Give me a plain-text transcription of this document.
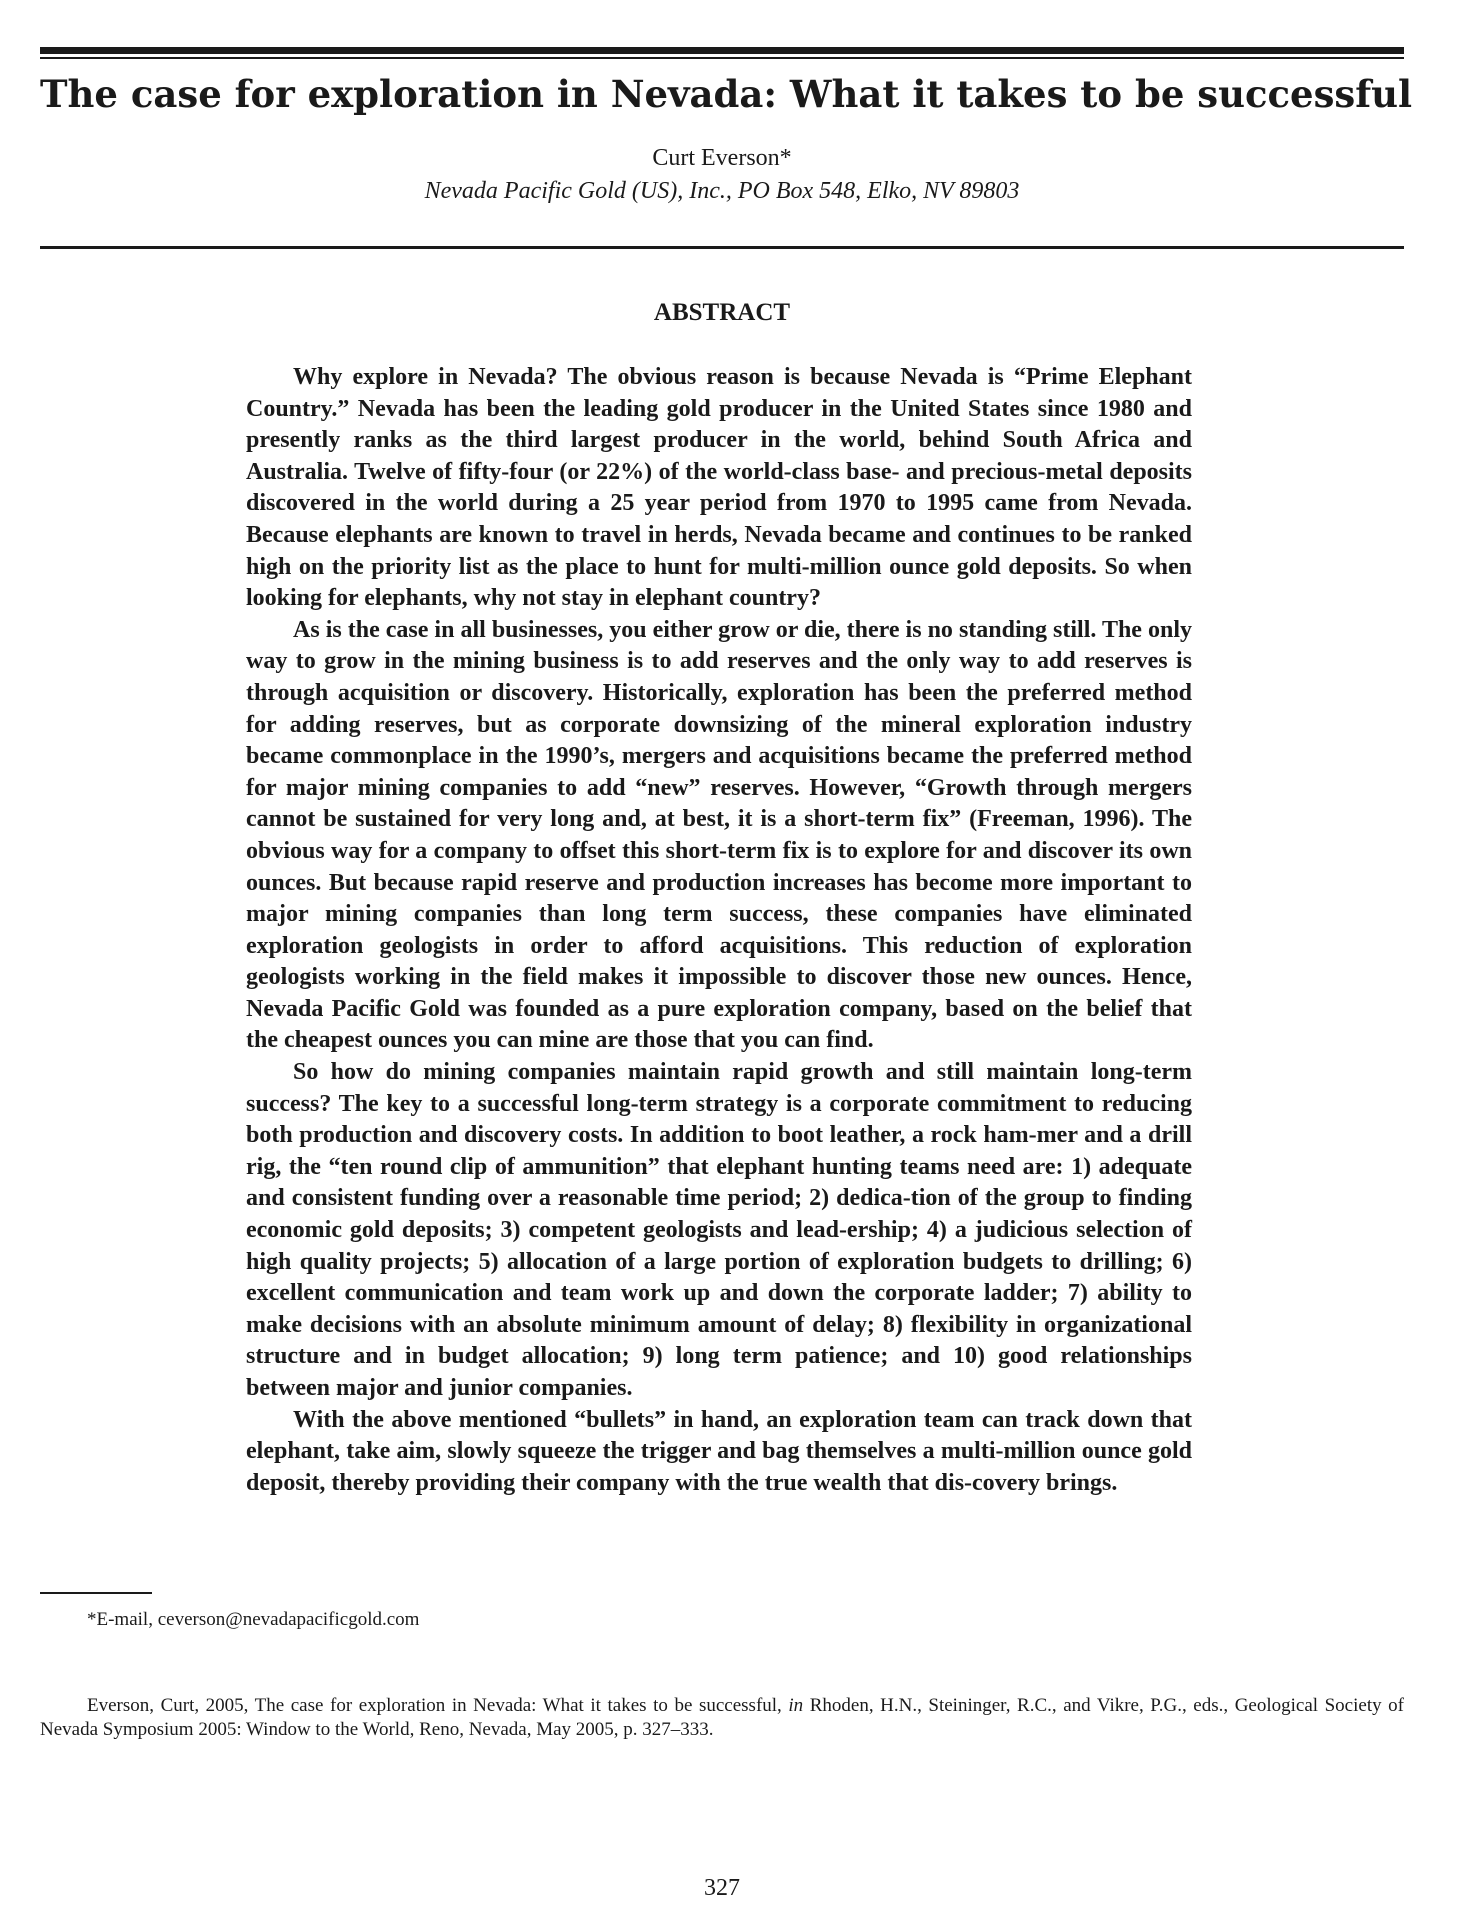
The case for exploration in Nevada: What it takes to be successful

Curt Everson*

Nevada Pacific Gold (US), Inc., PO Box 548, Elko, NV 89803

ABSTRACT

Why explore in Nevada? The obvious reason is because Nevada is “Prime Elephant Country.” Nevada has been the leading gold producer in the United States since 1980 and presently ranks as the third largest producer in the world, behind South Africa and Australia. Twelve of fifty-four (or 22%) of the world-class base- and precious-metal deposits discovered in the world during a 25 year period from 1970 to 1995 came from Nevada. Because elephants are known to travel in herds, Nevada became and continues to be ranked high on the priority list as the place to hunt for multi-million ounce gold deposits. So when looking for elephants, why not stay in elephant country?

As is the case in all businesses, you either grow or die, there is no standing still. The only way to grow in the mining business is to add reserves and the only way to add reserves is through acquisition or discovery. Historically, exploration has been the preferred method for adding reserves, but as corporate downsizing of the mineral exploration industry became commonplace in the 1990’s, mergers and acquisitions became the preferred method for major mining companies to add “new” reserves. However, “Growth through mergers cannot be sustained for very long and, at best, it is a short-term fix” (Freeman, 1996). The obvious way for a company to offset this short-term fix is to explore for and discover its own ounces. But because rapid reserve and production increases has become more important to major mining companies than long term success, these companies have eliminated exploration geologists in order to afford acquisitions. This reduction of exploration geologists working in the field makes it impossible to discover those new ounces. Hence, Nevada Pacific Gold was founded as a pure exploration company, based on the belief that the cheapest ounces you can mine are those that you can find.

So how do mining companies maintain rapid growth and still maintain long-term success? The key to a successful long-term strategy is a corporate commitment to reducing both production and discovery costs. In addition to boot leather, a rock ham-mer and a drill rig, the “ten round clip of ammunition” that elephant hunting teams need are: 1) adequate and consistent funding over a reasonable time period; 2) dedica-tion of the group to finding economic gold deposits; 3) competent geologists and lead-ership; 4) a judicious selection of high quality projects; 5) allocation of a large portion of exploration budgets to drilling; 6) excellent communication and team work up and down the corporate ladder; 7) ability to make decisions with an absolute minimum amount of delay; 8) flexibility in organizational structure and in budget allocation; 9) long term patience; and 10) good relationships between major and junior companies.

With the above mentioned “bullets” in hand, an exploration team can track down that elephant, take aim, slowly squeeze the trigger and bag themselves a multi-million ounce gold deposit, thereby providing their company with the true wealth that dis-covery brings.

*E-mail, ceverson@nevadapacificgold.com

Everson, Curt, 2005, The case for exploration in Nevada: What it takes to be successful, in Rhoden, H.N., Steininger, R.C., and Vikre, P.G., eds., Geological Society of Nevada Symposium 2005: Window to the World, Reno, Nevada, May 2005, p. 327–333.

327
